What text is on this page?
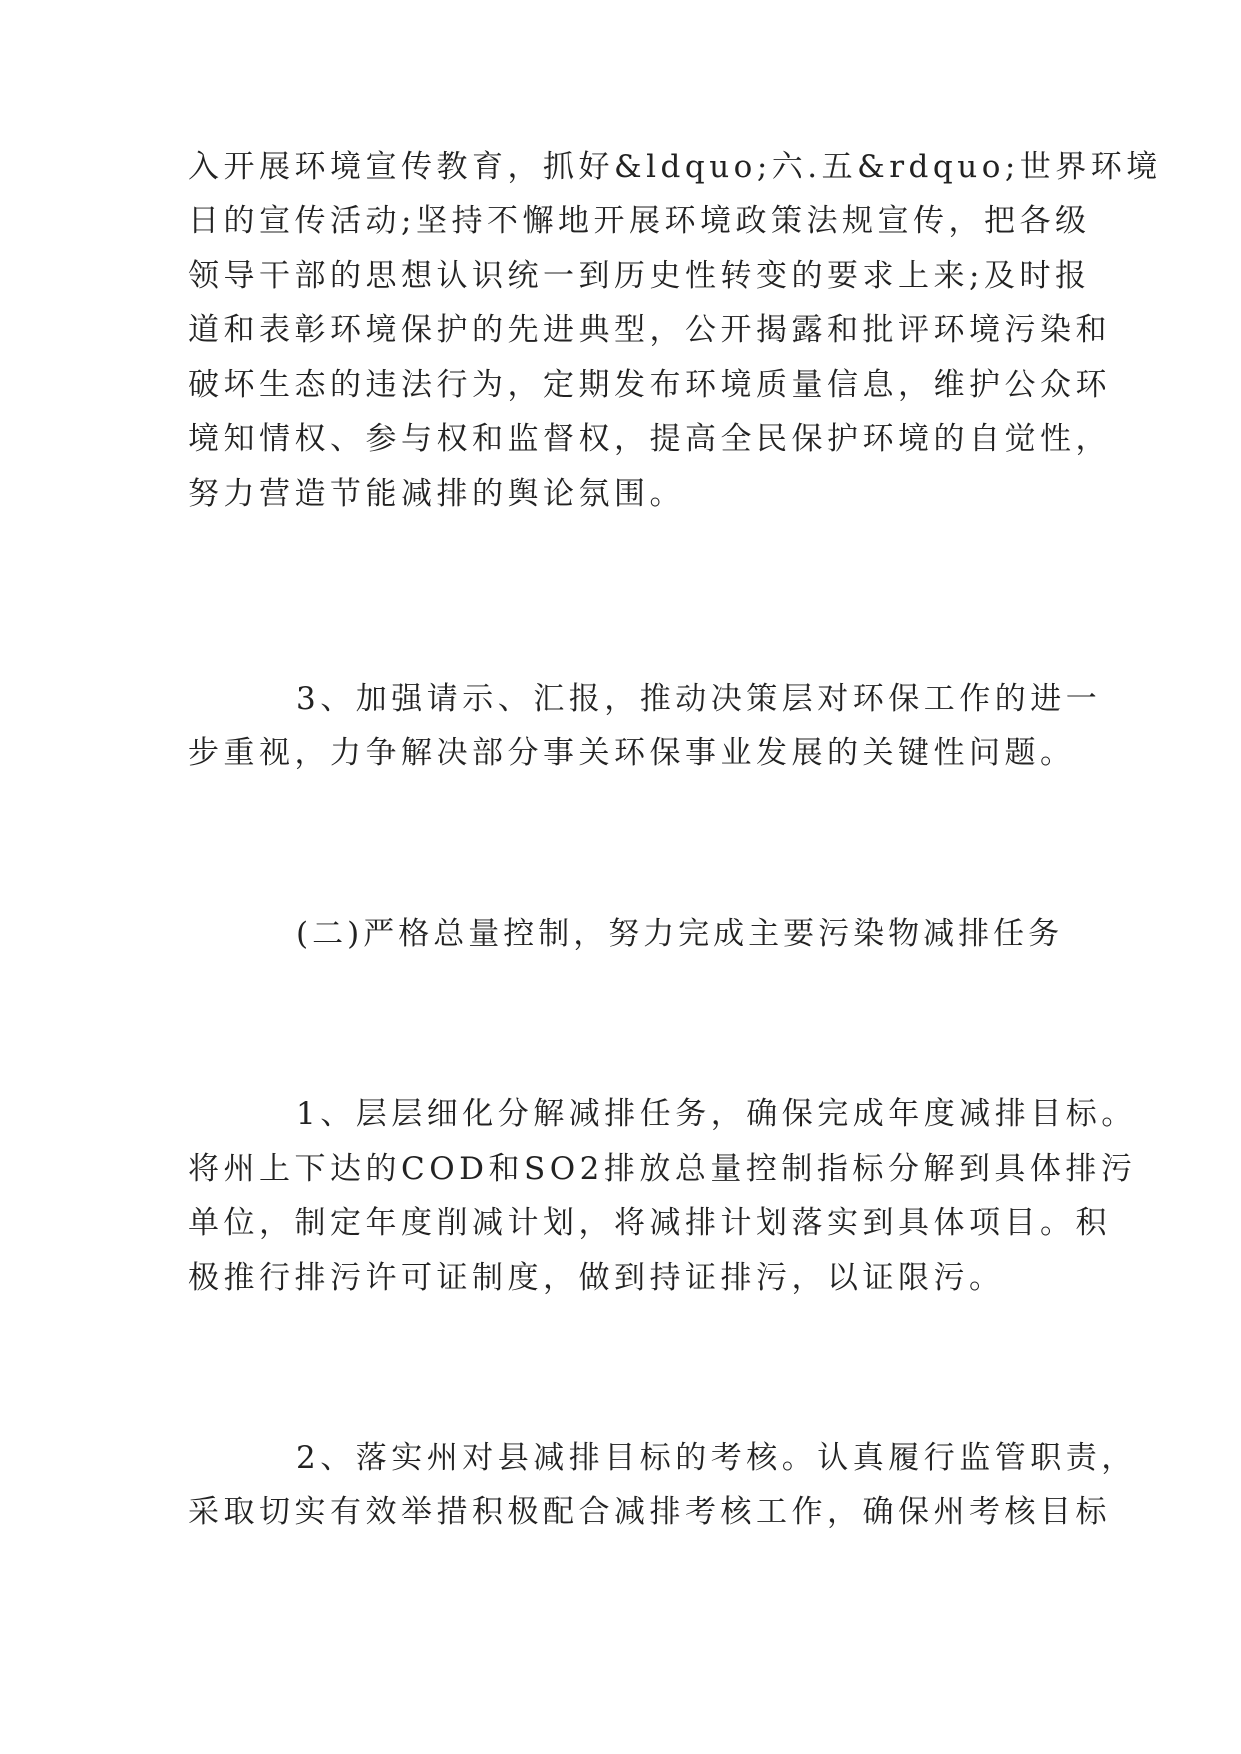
入开展环境宣传教育，抓好&ldquo;六.五&rdquo;世界环境
日的宣传活动;坚持不懈地开展环境政策法规宣传，把各级
领导干部的思想认识统一到历史性转变的要求上来;及时报
道和表彰环境保护的先进典型，公开揭露和批评环境污染和
破坏生态的违法行为，定期发布环境质量信息，维护公众环
境知情权、参与权和监督权，提高全民保护环境的自觉性，
努力营造节能减排的舆论氛围。
3、加强请示、汇报，推动决策层对环保工作的进一
步重视，力争解决部分事关环保事业发展的关键性问题。
(二)严格总量控制，努力完成主要污染物减排任务
1、层层细化分解减排任务，确保完成年度减排目标。
将州上下达的COD和SO2排放总量控制指标分解到具体排污
单位，制定年度削减计划，将减排计划落实到具体项目。积
极推行排污许可证制度，做到持证排污，以证限污。
2、落实州对县减排目标的考核。认真履行监管职责，
采取切实有效举措积极配合减排考核工作，确保州考核目标
